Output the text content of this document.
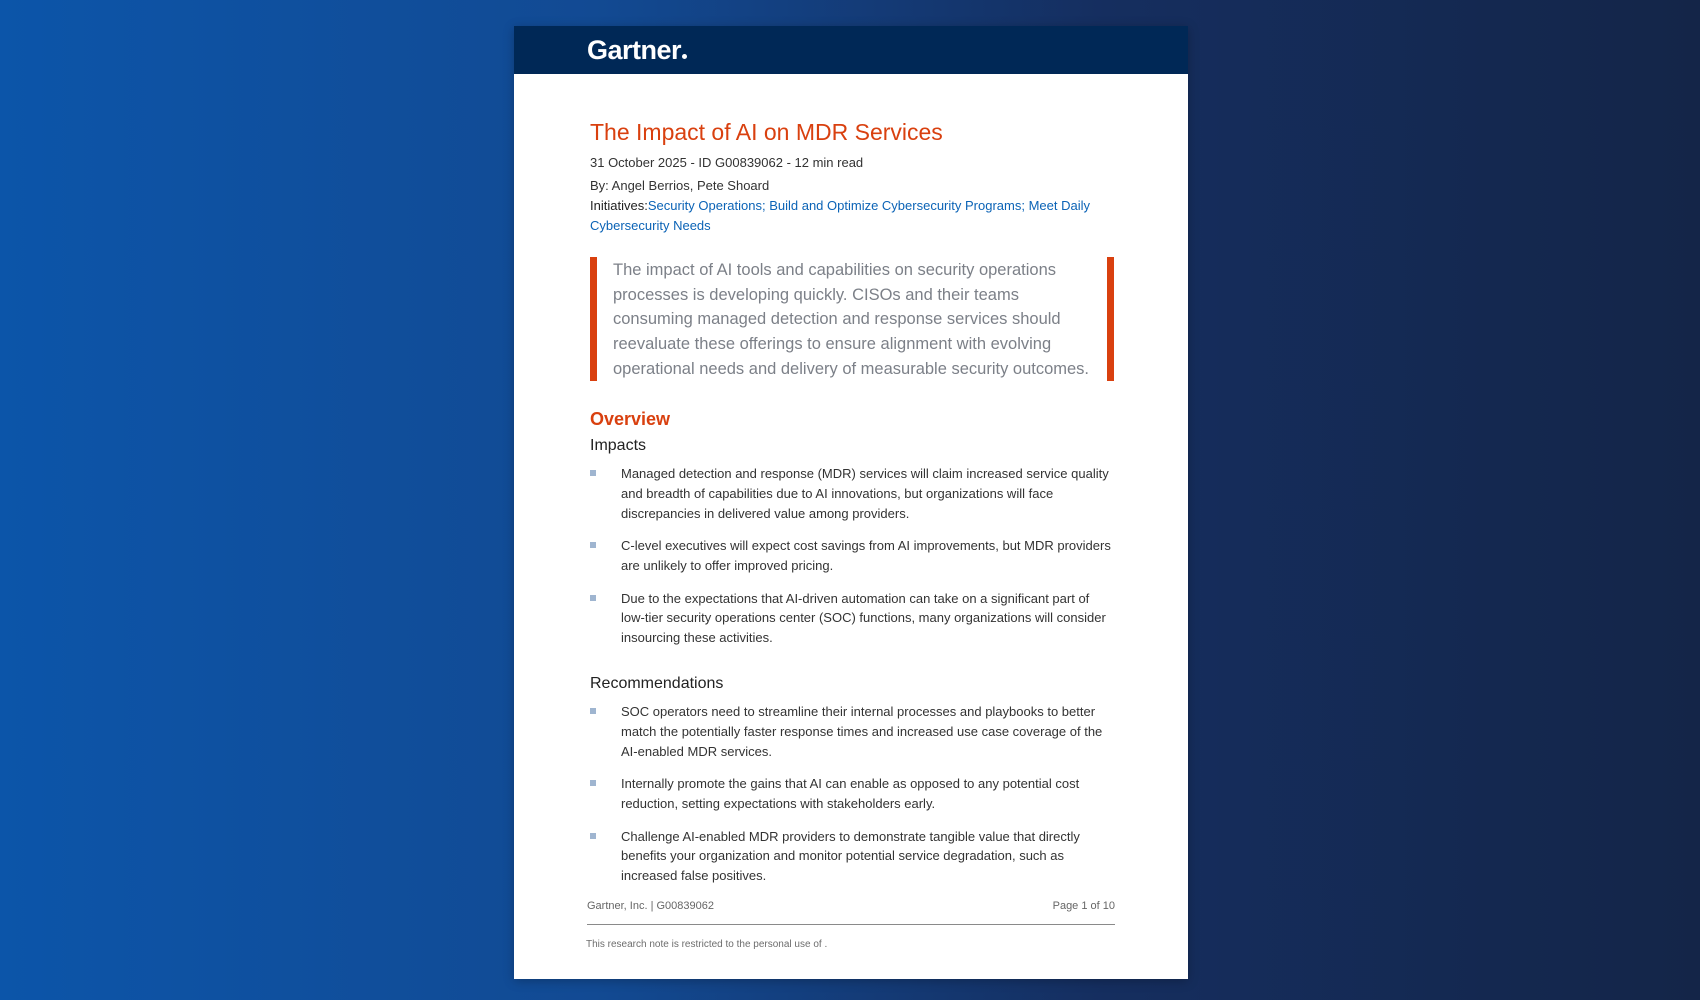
Gartner
The Impact of AI on MDR Services
31 October 2025 - ID G00839062 - 12 min read
By: Angel Berrios, Pete Shoard
Initiatives:Security Operations; Build and Optimize Cybersecurity Programs; Meet Daily Cybersecurity Needs
The impact of AI tools and capabilities on security operations processes is developing quickly. CISOs and their teams consuming managed detection and response services should reevaluate these offerings to ensure alignment with evolving operational needs and delivery of measurable security outcomes.
Overview
Impacts
Managed detection and response (MDR) services will claim increased service quality and breadth of capabilities due to AI innovations, but organizations will face discrepancies in delivered value among providers.
C-level executives will expect cost savings from AI improvements, but MDR providers are unlikely to offer improved pricing.
Due to the expectations that AI-driven automation can take on a significant part of low-tier security operations center (SOC) functions, many organizations will consider insourcing these activities.
Recommendations
SOC operators need to streamline their internal processes and playbooks to better match the potentially faster response times and increased use case coverage of the AI-enabled MDR services.
Internally promote the gains that AI can enable as opposed to any potential cost reduction, setting expectations with stakeholders early.
Challenge AI-enabled MDR providers to demonstrate tangible value that directly benefits your organization and monitor potential service degradation, such as increased false positives.
Gartner, Inc. | G00839062	Page 1 of 10
This research note is restricted to the personal use of .
